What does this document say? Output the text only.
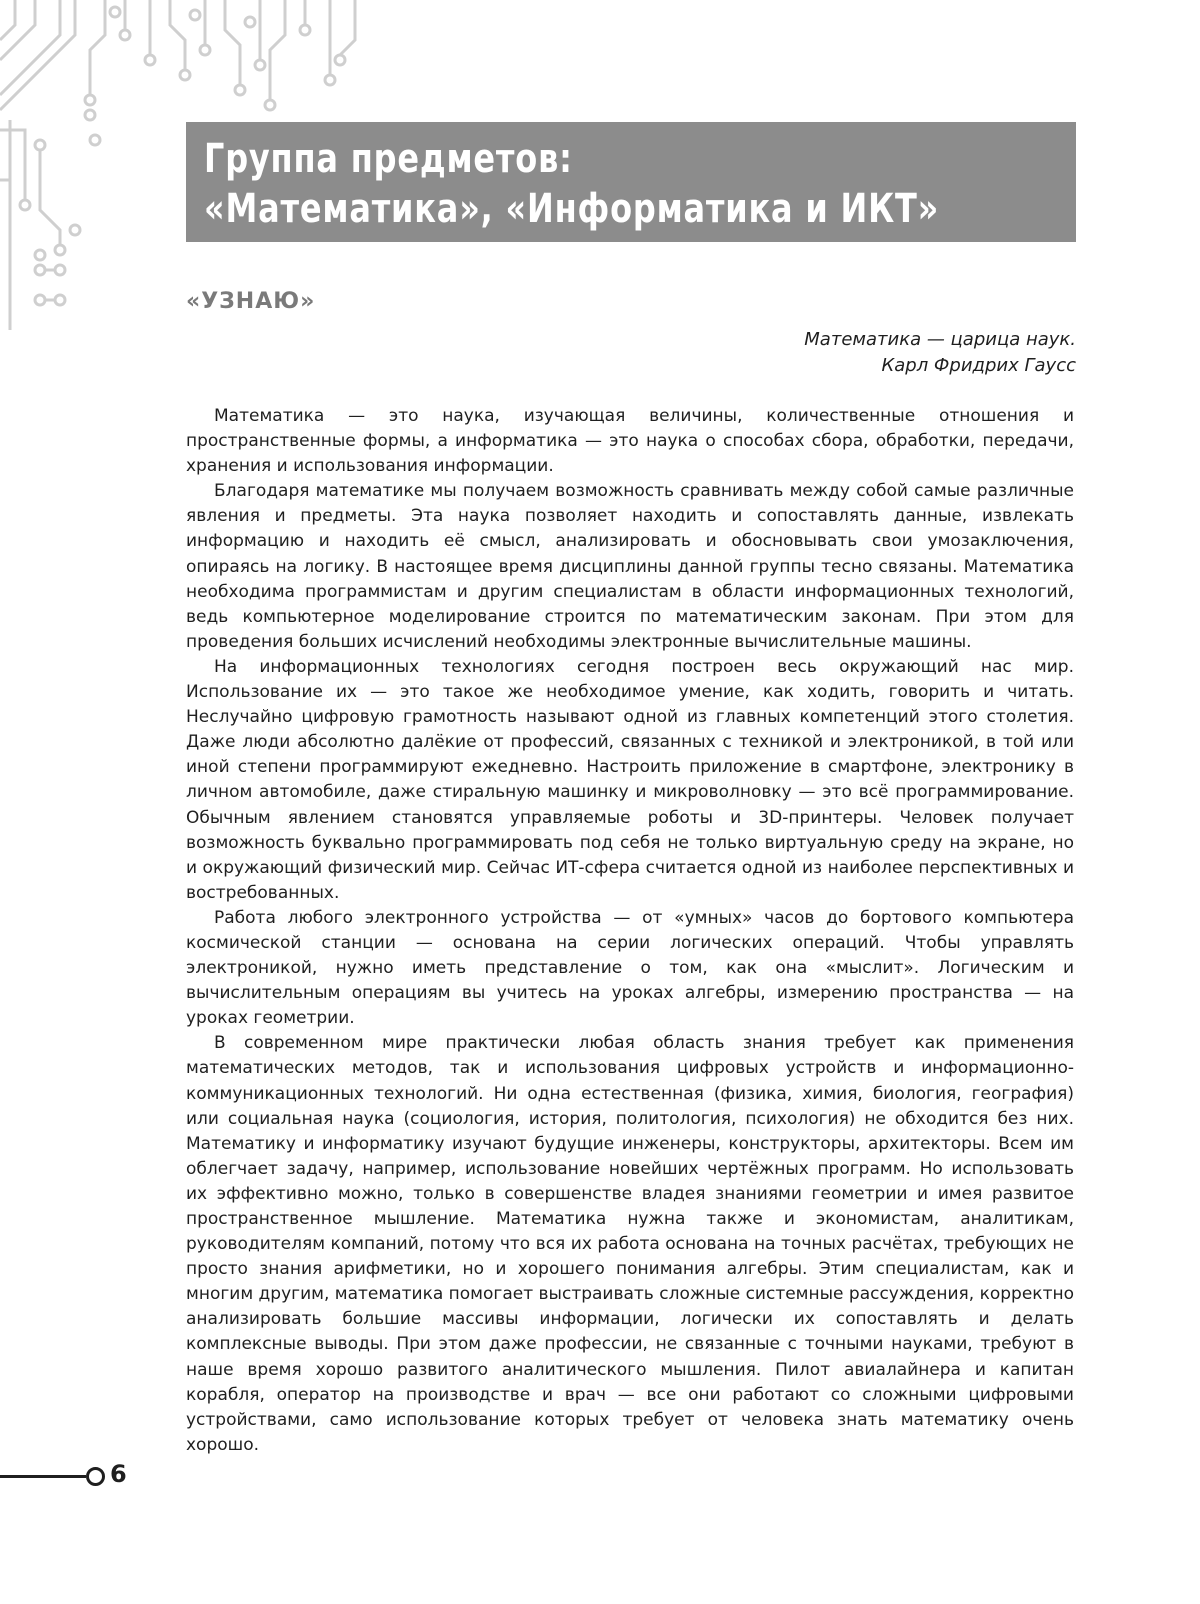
Группа предметов:
«Математика», «Информатика и ИКТ»
«УЗНАЮ»
Математика — царица наук.
Карл Фридрих Гаусс

Математика — это наука, изучающая величины, количественные отношения и пространственные формы, а информатика — это наука о способах сбора, обработки, передачи, хранения и использования информации.

Благодаря математике мы получаем возможность сравнивать между собой самые различные явления и предметы. Эта наука позволяет находить и сопоставлять данные, извлекать информацию и находить её смысл, анализировать и обосновывать свои умозаключения, опираясь на логику. В настоящее время дисциплины данной группы тесно связаны. Математика необходима программистам и другим специалистам в области информационных технологий, ведь компьютерное моделирование строится по математическим законам. При этом для проведения больших исчислений необходимы электронные вычислительные машины.

На информационных технологиях сегодня построен весь окружающий нас мир. Использование их — это такое же необходимое умение, как ходить, говорить и читать. Неслучайно цифровую грамотность называют одной из главных компетенций этого столетия. Даже люди абсолютно далёкие от профессий, связанных с техникой и электроникой, в той или иной степени программируют ежедневно. Настроить приложение в смартфоне, электронику в личном автомобиле, даже стиральную машинку и микроволновку — это всё программирование. Обычным явлением становятся управляемые роботы и 3D-принтеры. Человек получает возможность буквально программировать под себя не только виртуальную среду на экране, но и окружающий физический мир. Сейчас ИТ-сфера считается одной из наиболее перспективных и востребованных.

Работа любого электронного устройства — от «умных» часов до бортового компьютера космической станции — основана на серии логических операций. Чтобы управлять электроникой, нужно иметь представление о том, как она «мыслит». Логическим и вычислительным операциям вы учитесь на уроках алгебры, измерению пространства — на уроках геометрии.

В современном мире практически любая область знания требует как применения математических методов, так и использования цифровых устройств и информационно-коммуникационных технологий. Ни одна естественная (физика, химия, биология, география) или социальная наука (социология, история, политология, психология) не обходится без них. Математику и информатику изучают будущие инженеры, конструкторы, архитекторы. Всем им облегчает задачу, например, использование новейших чертёжных программ. Но использовать их эффективно можно, только в совершенстве владея знаниями геометрии и имея развитое пространственное мышление. Математика нужна также и экономистам, аналитикам, руководителям компаний, потому что вся их работа основана на точных расчётах, требующих не просто знания арифметики, но и хорошего понимания алгебры. Этим специалистам, как и многим другим, математика помогает выстраивать сложные системные рассуждения, корректно анализировать большие массивы информации, логически их сопоставлять и делать комплексные выводы. При этом даже профессии, не связанные с точными науками, требуют в наше время хорошо развитого аналитического мышления. Пилот авиалайнера и капитан корабля, оператор на производстве и врач — все они работают со сложными цифровыми устройствами, само использование которых требует от человека знать математику очень хорошо.

6
